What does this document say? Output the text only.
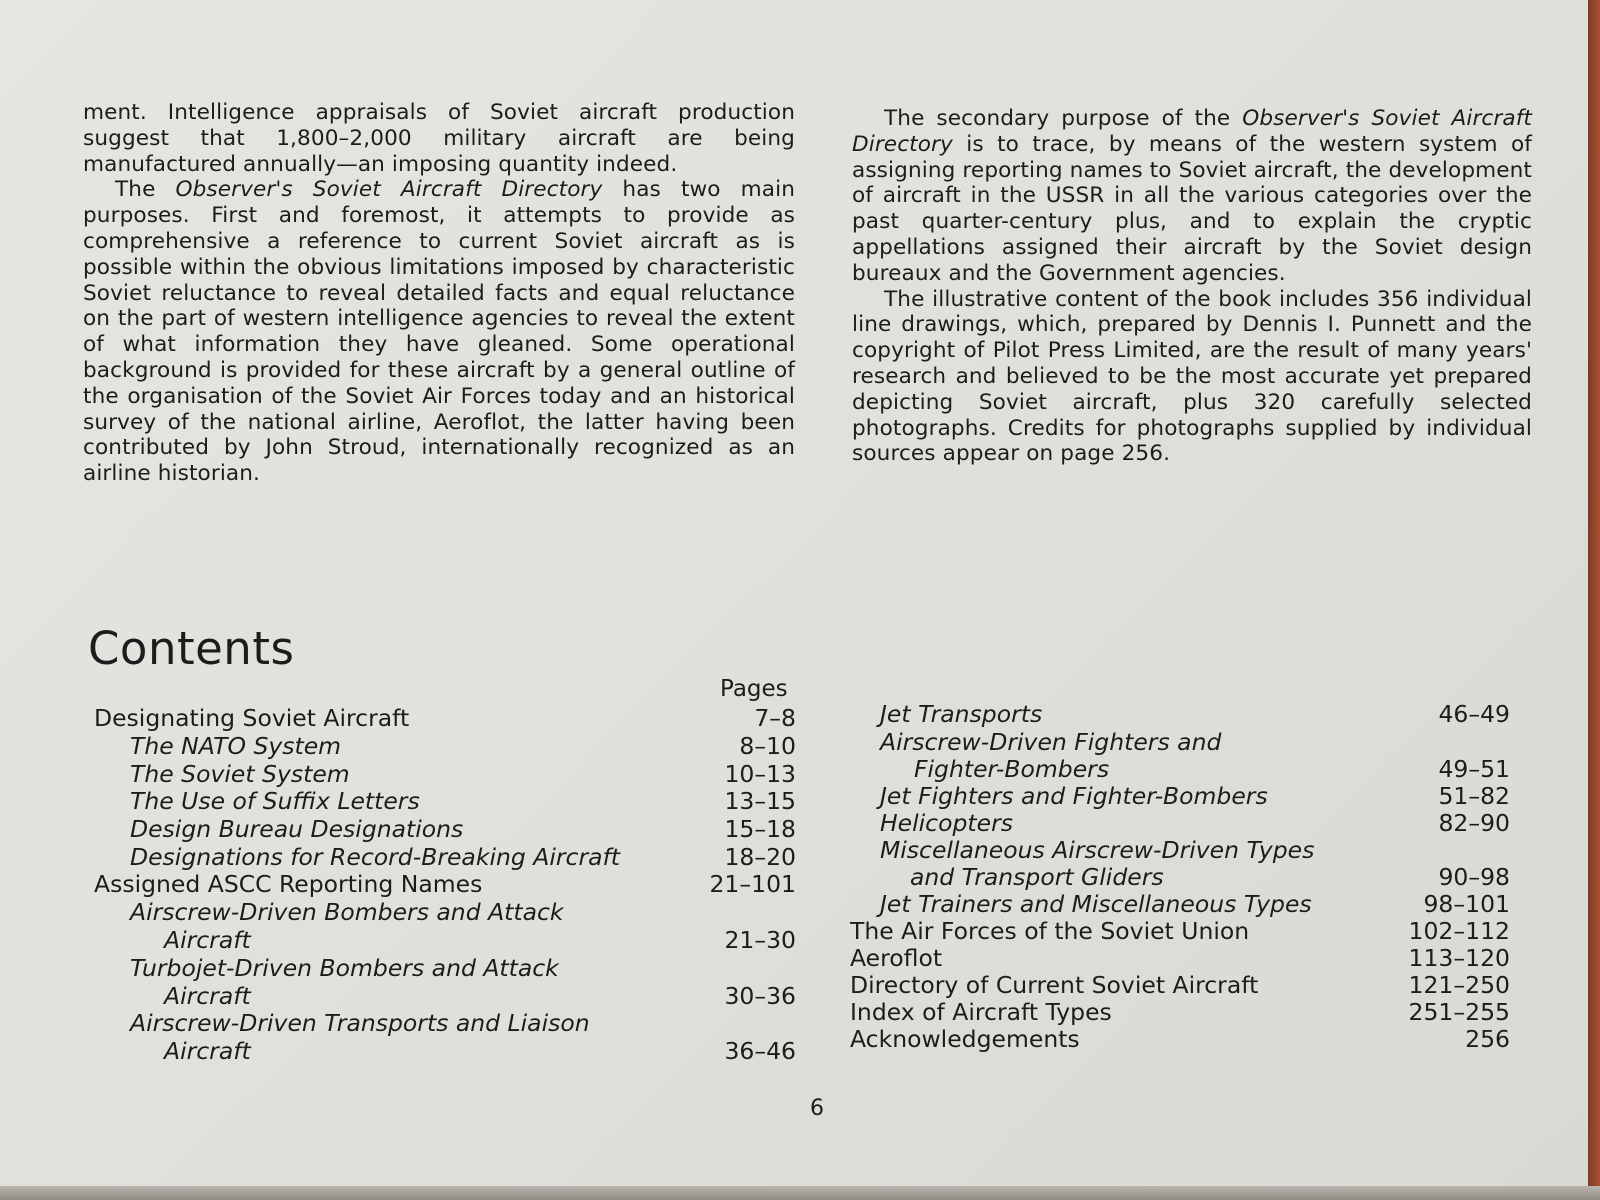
ment. Intelligence appraisals of Soviet aircraft production suggest that 1,800–2,000 military aircraft are being manufactured annually—an imposing quantity indeed.

The Observer's Soviet Aircraft Directory has two main purposes. First and foremost, it attempts to provide as comprehensive a reference to current Soviet aircraft as is possible within the obvious limitations imposed by characteristic Soviet reluctance to reveal detailed facts and equal reluctance on the part of western intelligence agencies to reveal the extent of what information they have gleaned. Some operational background is provided for these aircraft by a general outline of the organisation of the Soviet Air Forces today and an historical survey of the national airline, Aeroflot, the latter having been contributed by John Stroud, internationally recognized as an airline historian.

The secondary purpose of the Observer's Soviet Aircraft Directory is to trace, by means of the western system of assigning reporting names to Soviet aircraft, the development of aircraft in the USSR in all the various categories over the past quarter-century plus, and to explain the cryptic appellations assigned their aircraft by the Soviet design bureaux and the Government agencies.

The illustrative content of the book includes 356 individual line drawings, which, prepared by Dennis I. Punnett and the copyright of Pilot Press Limited, are the result of many years' research and believed to be the most accurate yet prepared depicting Soviet aircraft, plus 320 carefully selected photographs. Credits for photographs supplied by individual sources appear on page 256.

Contents
Pages
Designating Soviet Aircraft	7–8
The NATO System	8–10
The Soviet System	10–13
The Use of Suffix Letters	13–15
Design Bureau Designations	15–18
Designations for Record-Breaking Aircraft	18–20
Assigned ASCC Reporting Names	21–101
Airscrew-Driven Bombers and Attack
Aircraft	21–30
Turbojet-Driven Bombers and Attack
Aircraft	30–36
Airscrew-Driven Transports and Liaison
Aircraft	36–46
Jet Transports	46–49
Airscrew-Driven Fighters and
Fighter-Bombers	49–51
Jet Fighters and Fighter-Bombers	51–82
Helicopters	82–90
Miscellaneous Airscrew-Driven Types
and Transport Gliders	90–98
Jet Trainers and Miscellaneous Types	98–101
The Air Forces of the Soviet Union	102–112
Aeroflot	113–120
Directory of Current Soviet Aircraft	121–250
Index of Aircraft Types	251–255
Acknowledgements	256
6
